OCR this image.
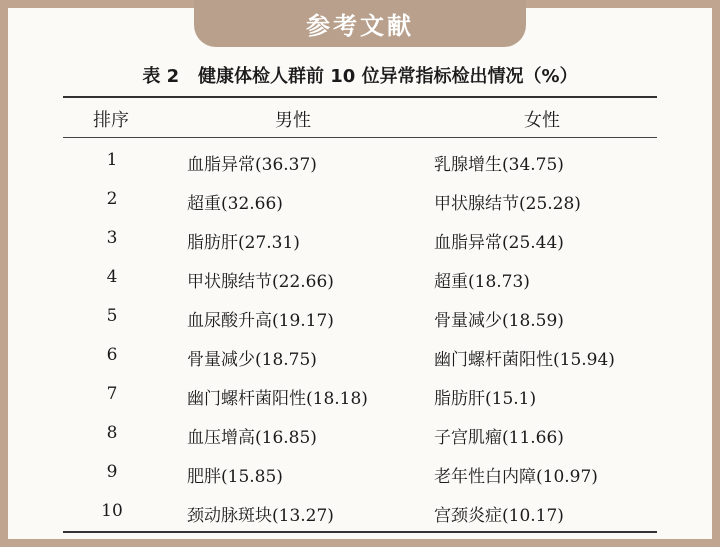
参考文献
表 2   健康体检人群前 10 位异常指标检出情况（%）
排序	男性	女性
1	血脂异常(36.37)	乳腺增生(34.75)
2	超重(32.66)	甲状腺结节(25.28)
3	脂肪肝(27.31)	血脂异常(25.44)
4	甲状腺结节(22.66)	超重(18.73)
5	血尿酸升高(19.17)	骨量减少(18.59)
6	骨量减少(18.75)	幽门螺杆菌阳性(15.94)
7	幽门螺杆菌阳性(18.18)	脂肪肝(15.1)
8	血压增高(16.85)	子宫肌瘤(11.66)
9	肥胖(15.85)	老年性白内障(10.97)
10	颈动脉斑块(13.27)	宫颈炎症(10.17)
